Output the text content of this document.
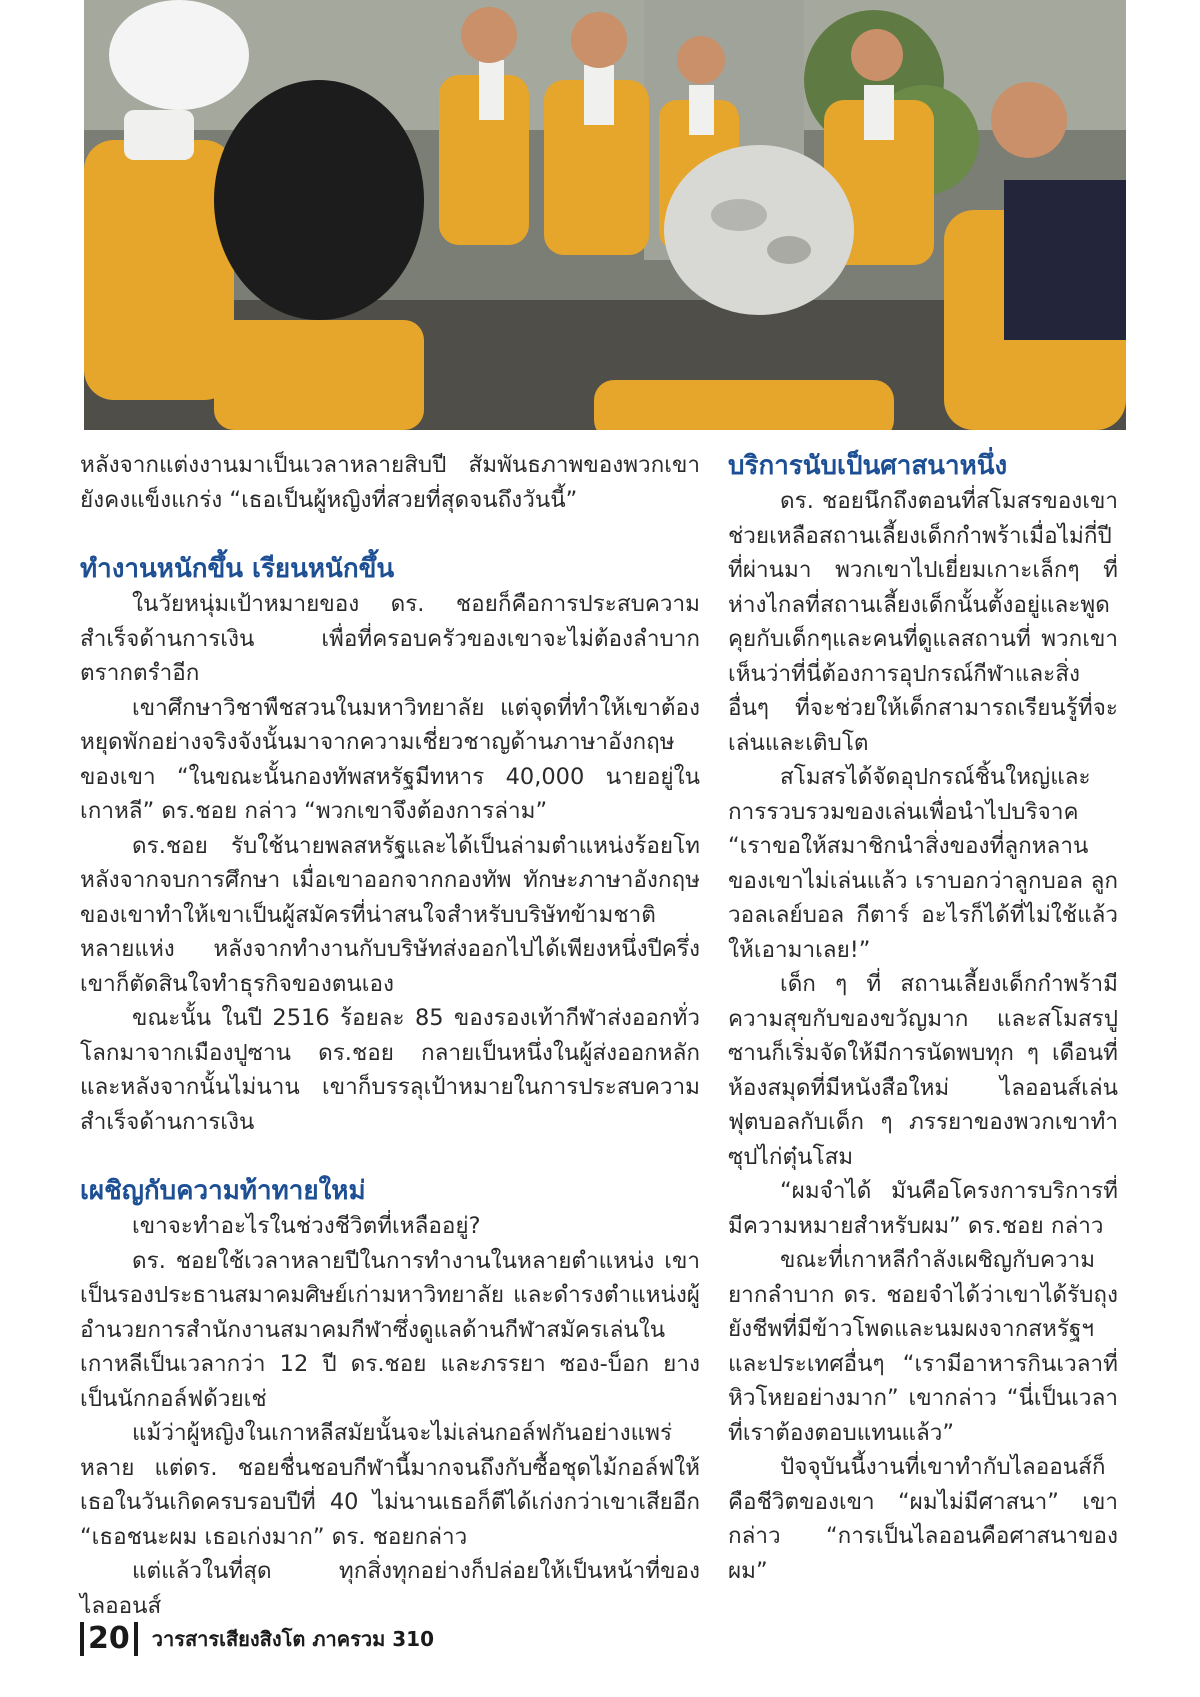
หลังจากแต่งงานมาเป็นเวลาหลายสิบปี สัมพันธภาพของพวกเขายังคงแข็งแกร่ง “เธอเป็นผู้หญิงที่สวยที่สุดจนถึงวันนี้”

ทำงานหนักขึ้น เรียนหนักขึ้น

ในวัยหนุ่มเป้าหมายของ ดร. ชอยก็คือการประสบความสำเร็จด้านการเงิน เพื่อที่ครอบครัวของเขาจะไม่ต้องลำบากตรากตรำอีก

เขาศึกษาวิชาพืชสวนในมหาวิทยาลัย แต่จุดที่ทำให้เขาต้องหยุดพักอย่างจริงจังนั้นมาจากความเชี่ยวชาญด้านภาษาอังกฤษของเขา “ในขณะนั้นกองทัพสหรัฐมีทหาร 40,000 นายอยู่ในเกาหลี” ดร.ชอย กล่าว “พวกเขาจึงต้องการล่าม”

ดร.ชอย รับใช้นายพลสหรัฐและได้เป็นล่ามตำแหน่งร้อยโทหลังจากจบการศึกษา เมื่อเขาออกจากกองทัพ ทักษะภาษาอังกฤษของเขาทำให้เขาเป็นผู้สมัครที่น่าสนใจสำหรับบริษัทข้ามชาติหลายแห่ง หลังจากทำงานกับบริษัทส่งออกไปได้เพียงหนึ่งปีครึ่ง เขาก็ตัดสินใจทำธุรกิจของตนเอง

ขณะนั้น ในปี 2516 ร้อยละ 85 ของรองเท้ากีฬาส่งออกทั่วโลกมาจากเมืองปูซาน ดร.ชอย กลายเป็นหนึ่งในผู้ส่งออกหลักและหลังจากนั้นไม่นาน เขาก็บรรลุเป้าหมายในการประสบความสำเร็จด้านการเงิน

เผชิญกับความท้าทายใหม่

เขาจะทำอะไรในช่วงชีวิตที่เหลืออยู่?

ดร. ชอยใช้เวลาหลายปีในการทำงานในหลายตำแหน่ง เขาเป็นรองประธานสมาคมศิษย์เก่ามหาวิทยาลัย และดำรงตำแหน่งผู้อำนวยการสำนักงานสมาคมกีฬาซึ่งดูแลด้านกีฬาสมัครเล่นในเกาหลีเป็นเวลากว่า 12 ปี ดร.ชอย และภรรยา ซอง-บ็อก ยาง เป็นนักกอล์ฟด้วยเช่

แม้ว่าผู้หญิงในเกาหลีสมัยนั้นจะไม่เล่นกอล์ฟกันอย่างแพร่หลาย แต่ดร. ชอยชื่นชอบกีฬานี้มากจนถึงกับซื้อชุดไม้กอล์ฟให้เธอในวันเกิดครบรอบปีที่ 40 ไม่นานเธอก็ตีได้เก่งกว่าเขาเสียอีก “เธอชนะผม เธอเก่งมาก” ดร. ชอยกล่าว

แต่แล้วในที่สุด ทุกสิ่งทุกอย่างก็ปล่อยให้เป็นหน้าที่ของไลออนส์

บริการนับเป็นศาสนาหนึ่ง

ดร. ชอยนึกถึงตอนที่สโมสรของเขาช่วยเหลือสถานเลี้ยงเด็กกำพร้าเมื่อไม่กี่ปีที่ผ่านมา พวกเขาไปเยี่ยมเกาะเล็กๆ ที่ห่างไกลที่สถานเลี้ยงเด็กนั้นตั้งอยู่และพูดคุยกับเด็กๆและคนที่ดูแลสถานที่ พวกเขาเห็นว่าที่นี่ต้องการอุปกรณ์กีฬาและสิ่งอื่นๆ ที่จะช่วยให้เด็กสามารถเรียนรู้ที่จะเล่นและเติบโต

สโมสรได้จัดอุปกรณ์ชิ้นใหญ่และการรวบรวมของเล่นเพื่อนำไปบริจาค “เราขอให้สมาชิกนำสิ่งของที่ลูกหลานของเขาไม่เล่นแล้ว เราบอกว่าลูกบอล ลูกวอลเลย์บอล กีตาร์ อะไรก็ได้ที่ไม่ใช้แล้ว ให้เอามาเลย!”

เด็ก ๆ ที่ สถานเลี้ยงเด็กกำพร้ามีความสุขกับของขวัญมาก และสโมสรปูซานก็เริ่มจัดให้มีการนัดพบทุก ๆ เดือนที่ห้องสมุดที่มีหนังสือใหม่ ไลออนส์เล่นฟุตบอลกับเด็ก ๆ ภรรยาของพวกเขาทำซุปไก่ตุ๋นโสม

“ผมจำได้ มันคือโครงการบริการที่มีความหมายสำหรับผม” ดร.ชอย กล่าว

ขณะที่เกาหลีกำลังเผชิญกับความยากลำบาก ดร. ชอยจำได้ว่าเขาได้รับถุงยังชีพที่มีข้าวโพดและนมผงจากสหรัฐฯและประเทศอื่นๆ “เรามีอาหารกินเวลาที่หิวโหยอย่างมาก” เขากล่าว “นี่เป็นเวลาที่เราต้องตอบแทนแล้ว”

ปัจจุบันนี้งานที่เขาทำกับไลออนส์ก็คือชีวิตของเขา “ผมไม่มีศาสนา” เขากล่าว “การเป็นไลออนคือศาสนาของผม”

20 วารสารเสียงสิงโต ภาครวม 310
